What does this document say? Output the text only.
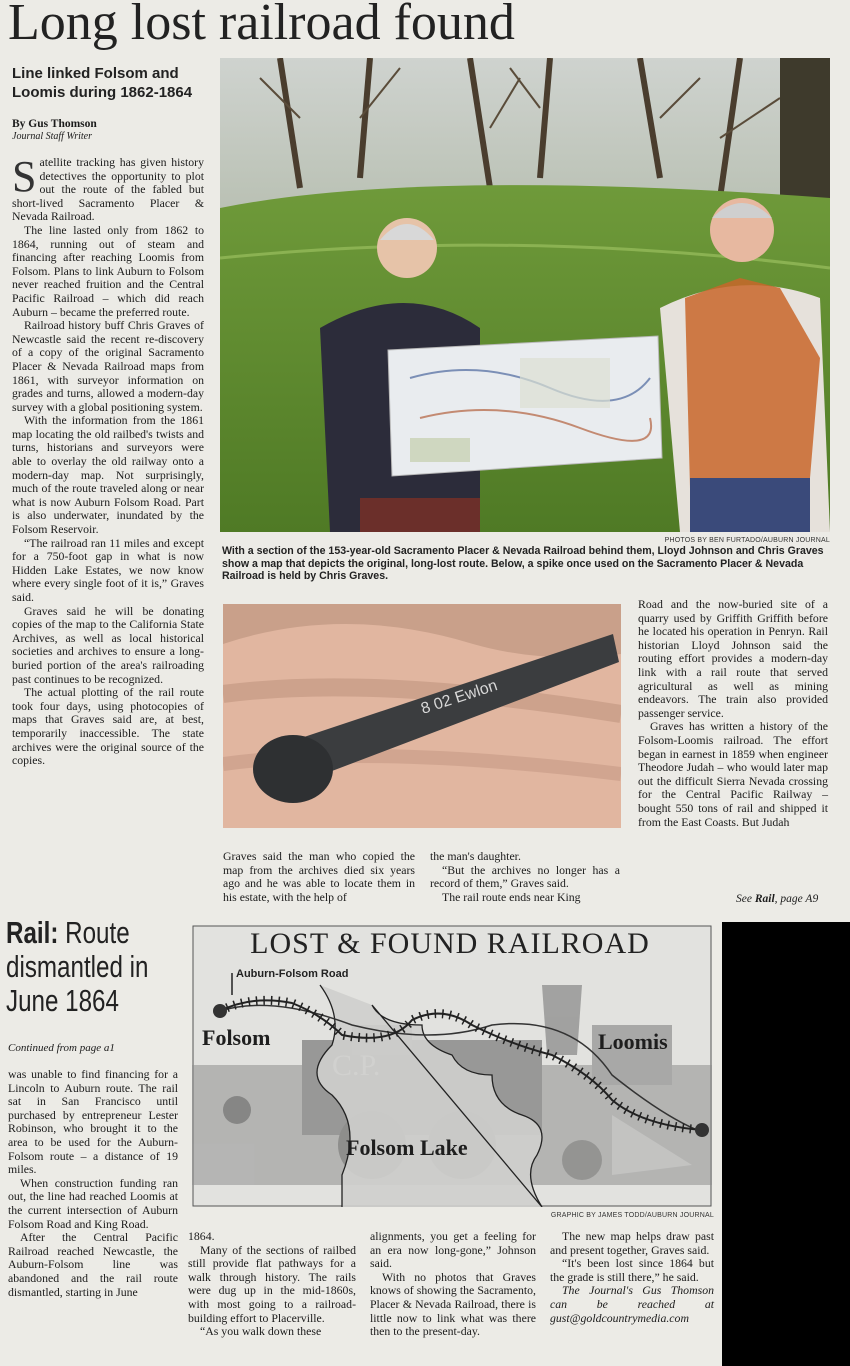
Long lost railroad found
Line linked Folsom and Loomis during 1862-1864
By Gus Thomson
Journal Staff Writer

Satellite tracking has given history detectives the opportunity to plot out the route of the fabled but short-lived Sacramento Placer & Nevada Railroad.

The line lasted only from 1862 to 1864, running out of steam and financing after reaching Loomis from Folsom. Plans to link Auburn to Folsom never reached fruition and the Central Pacific Railroad – which did reach Auburn – became the preferred route.

Railroad history buff Chris Graves of Newcastle said the recent re-discovery of a copy of the original Sacramento Placer & Nevada Railroad maps from 1861, with surveyor information on grades and turns, allowed a modern-day survey with a global positioning system.

With the information from the 1861 map locating the old railbed's twists and turns, historians and surveyors were able to overlay the old railway onto a modern-day map. Not surprisingly, much of the route traveled along or near what is now Auburn Folsom Road. Part is also underwater, inundated by the Folsom Reservoir.

“The railroad ran 11 miles and except for a 750-foot gap in what is now Hidden Lake Estates, we now know where every single foot of it is,” Graves said.

Graves said he will be donating copies of the map to the California State Archives, as well as local historical societies and archives to ensure a long-buried portion of the area's railroading past continues to be recognized.

The actual plotting of the rail route took four days, using photocopies of maps that Graves said are, at best, temporarily inaccessible. The state archives were the original source of the copies.

PHOTOS BY BEN FURTADO/AUBURN JOURNAL
With a section of the 153-year-old Sacramento Placer & Nevada Railroad behind them, Lloyd Johnson and Chris Graves show a map that depicts the original, long-lost route. Below, a spike once used on the Sacramento Placer & Nevada Railroad is held by Chris Graves.
8 02 Ewlon

Graves said the man who copied the map from the archives died six years ago and he was able to locate them in his estate, with the help of

the man's daughter.

“But the archives no longer has a record of them,” Graves said.

The rail route ends near King

Road and the now-buried site of a quarry used by Griffith Griffith before he located his operation in Penryn. Rail historian Lloyd Johnson said the routing effort provides a modern-day link with a rail route that served agricultural as well as mining endeavors. The train also provided passenger service.

Graves has written a history of the Folsom-Loomis railroad. The effort began in earnest in 1859 when engineer Theodore Judah – who would later map out the difficult Sierra Nevada crossing for the Central Pacific Railway – bought 550 tons of rail and shipped it from the East Coasts. But Judah

See Rail, page A9
Rail: Route dismantled in June 1864
Continued from page a1

was unable to find financing for a Lincoln to Auburn route. The rail sat in San Francisco until purchased by entrepreneur Lester Robinson, who brought it to the area to be used for the Auburn-Folsom route – a distance of 19 miles.

When construction funding ran out, the line had reached Loomis at the current intersection of Auburn Folsom Road and King Road.

After the Central Pacific Railroad reached Newcastle, the Auburn-Folsom line was abandoned and the rail route dismantled, starting in June

LOST & FOUND RAILROAD
Auburn-Folsom Road
Folsom	Loomis
Folsom Lake
GRAPHIC BY JAMES TODD/AUBURN JOURNAL

1864.

Many of the sections of railbed still provide flat pathways for a walk through history. The rails were dug up in the mid-1860s, with most going to a railroad-building effort to Placerville.

“As you walk down these

alignments, you get a feeling for an era now long-gone,” Johnson said.

With no photos that Graves knows of showing the Sacramento, Placer & Nevada Railroad, there is little now to link what was there then to the present-day.

The new map helps draw past and present together, Graves said.

“It's been lost since 1864 but the grade is still there,” he said.

The Journal's Gus Thomson can be reached at gust@goldcountrymedia.com
